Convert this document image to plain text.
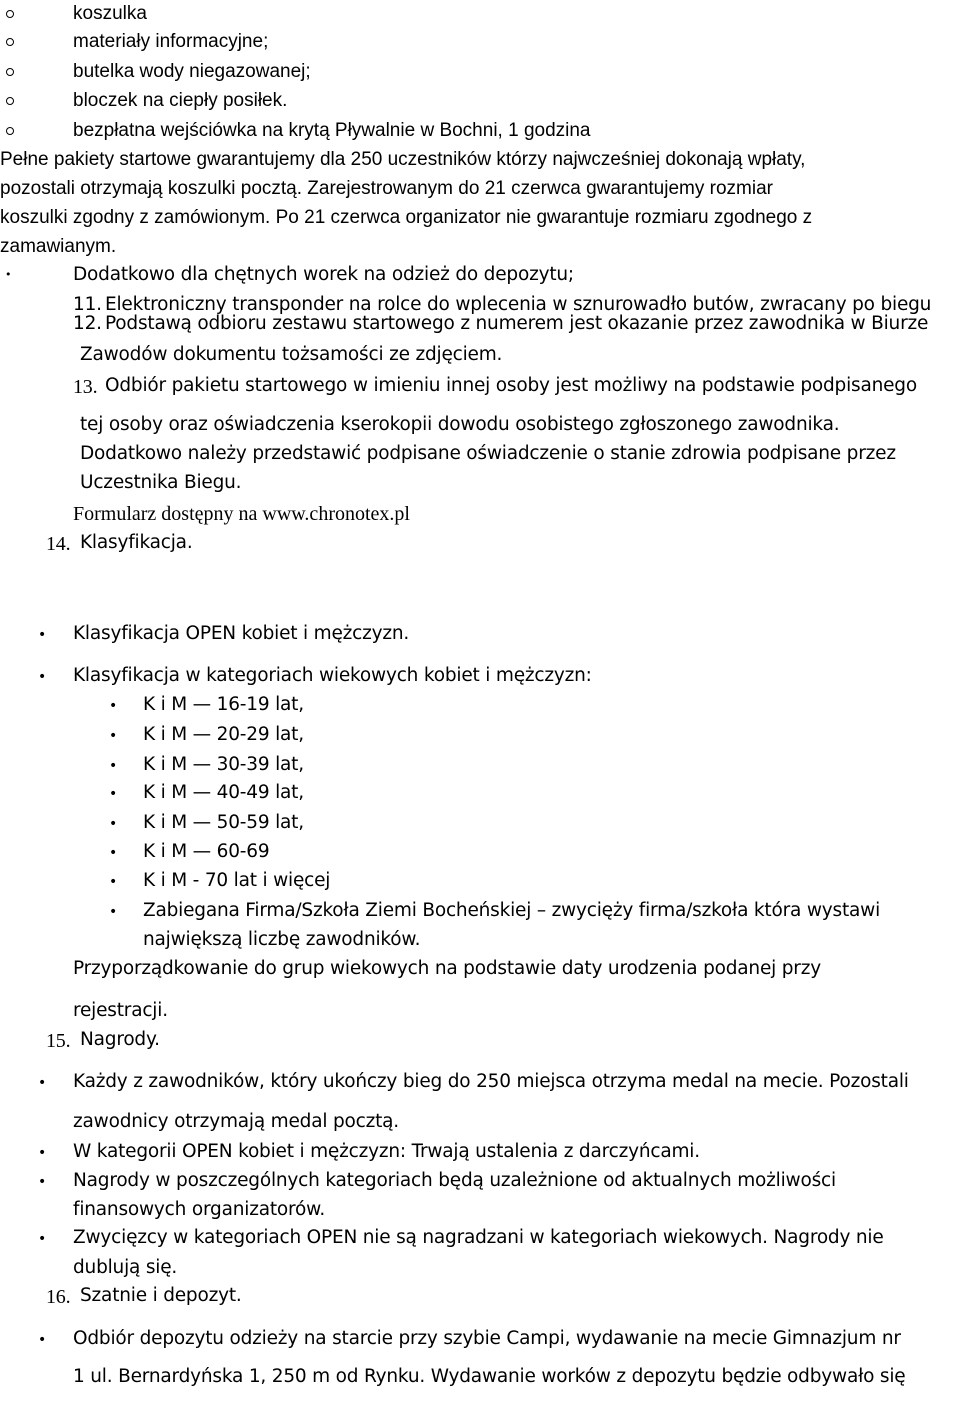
koszulka
materiały informacyjne;
butelka wody niegazowanej;
bloczek na ciepły posiłek.
bezpłatna wejściówka na krytą Pływalnie w Bochni, 1 godzina
Pełne pakiety startowe gwarantujemy dla 250 uczestników którzy najwcześniej dokonają wpłaty,
pozostali otrzymają koszulki pocztą. Zarejestrowanym do 21 czerwca gwarantujemy rozmiar
koszulki zgodny z zamówionym. Po 21 czerwca organizator nie gwarantuje rozmiaru zgodnego z
zamawianym.
•	Dodatkowo dla chętnych worek na odzież do depozytu;
11. Elektroniczny transponder na rolce do wplecenia w sznurowadło butów, zwracany po biegu
12. Podstawą odbioru zestawu startowego z numerem jest okazanie przez zawodnika w Biurze
Zawodów dokumentu tożsamości ze zdjęciem.
13. Odbiór pakietu startowego w imieniu innej osoby jest możliwy na podstawie podpisanego
tej osoby oraz oświadczenia kserokopii dowodu osobistego zgłoszonego zawodnika.
Dodatkowo należy przedstawić podpisane oświadczenie o stanie zdrowia podpisane przez
Uczestnika Biegu.
Formularz dostępny na www.chronotex.pl
14. Klasyfikacja.
• Klasyfikacja OPEN kobiet i mężczyzn.
• Klasyfikacja w kategoriach wiekowych kobiet i mężczyzn:
• K i M — 16-19 lat,
• K i M — 20-29 lat,
• K i M — 30-39 lat,
• K i M — 40-49 lat,
• K i M — 50-59 lat,
• K i M — 60-69
• K i M - 70 lat i więcej
• Zabiegana Firma/Szkoła Ziemi Bocheńskiej – zwycięży firma/szkoła która wystawi
największą liczbę zawodników.
Przyporządkowanie do grup wiekowych na podstawie daty urodzenia podanej przy
rejestracji.
15. Nagrody.
• Każdy z zawodników, który ukończy bieg do 250 miejsca otrzyma medal na mecie. Pozostali
zawodnicy otrzymają medal pocztą.
• W kategorii OPEN kobiet i mężczyzn: Trwają ustalenia z darczyńcami.
• Nagrody w poszczególnych kategoriach będą uzależnione od aktualnych możliwości
finansowych organizatorów.
• Zwycięzcy w kategoriach OPEN nie są nagradzani w kategoriach wiekowych. Nagrody nie
dublują się.
16. Szatnie i depozyt.
• Odbiór depozytu odzieży na starcie przy szybie Campi, wydawanie na mecie Gimnazjum nr
1 ul. Bernardyńska 1, 250 m od Rynku. Wydawanie worków z depozytu będzie odbywało się
